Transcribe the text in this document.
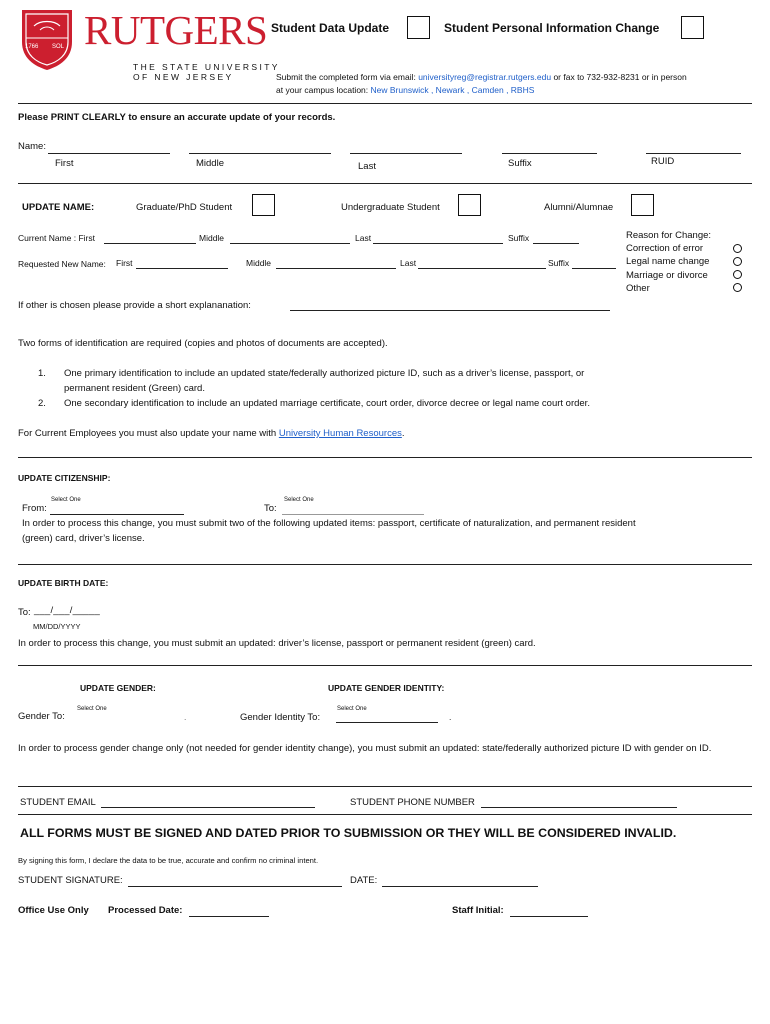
1766 SOL RUTGERS
THE STATE UNIVERSITY
OF NEW JERSEY
Student Data Update	Student Personal Information Change
Submit the completed form via email: universityreg@registrar.rutgers.edu or fax to 732-932-8231 or in person
at your campus location: New Brunswick , Newark , Camden , RBHS
Please PRINT CLEARLY to ensure an accurate update of your records.
Name:
First	Middle	Last	Suffix	RUID
UPDATE NAME:	Graduate/PhD Student	Undergraduate Student	Alumni/Alumnae
Current Name : First	Middle	Last	Suffix
Requested New Name: First	Middle	Last	Suffix
Reason for Change:
Correction of error
Legal name change
Marriage or divorce
Other
If other is chosen please provide a short explananation:
Two forms of identification are required (copies and photos of documents are accepted).
1. One primary identification to include an updated state/federally authorized picture ID, such as a driver’s license, passport, or permanent resident (Green) card.
2. One secondary identification to include an updated marriage certificate, court order, divorce decree or legal name court order.
For Current Employees you must also update your name with University Human Resources.
UPDATE CITIZENSHIP:
Select One
From:
Select One
To:
In order to process this change, you must submit two of the following updated items: passport, certificate of naturalization, and permanent resident (green) card, driver’s license.
UPDATE BIRTH DATE:
To: ___/___/_____
MM/DD/YYYY
In order to process this change, you must submit an updated: driver’s license, passport or permanent resident (green) card.
UPDATE GENDER:	UPDATE GENDER IDENTITY:
Select One
Gender To:	.
Select One
Gender Identity To:	.
In order to process gender change only (not needed for gender identity change), you must submit an updated: state/federally authorized picture ID with gender on ID.
STUDENT EMAIL	STUDENT PHONE NUMBER
ALL FORMS MUST BE SIGNED AND DATED PRIOR TO SUBMISSION OR THEY WILL BE CONSIDERED INVALID.
By signing this form, I declare the data to be true, accurate and confirm no criminal intent.
STUDENT SIGNATURE:	DATE:
Office Use Only Processed Date:	Staff Initial:
